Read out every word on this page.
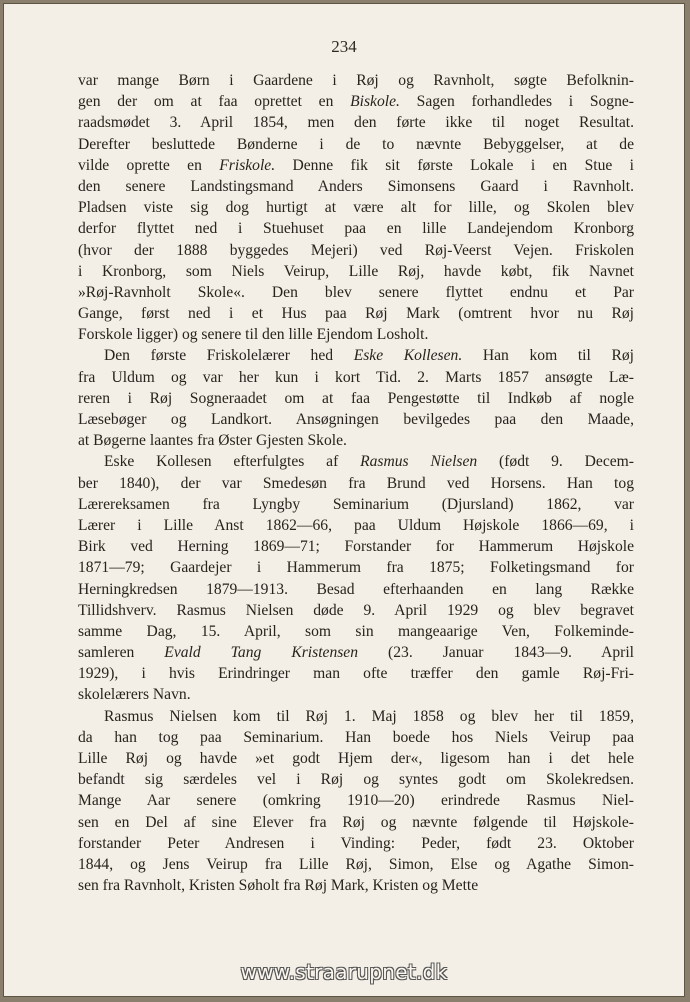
234
var mange Børn i Gaardene i Røj og Ravnholt, søgte Befolknin-
gen der om at faa oprettet en Biskole. Sagen forhandledes i Sogne-
raadsmødet 3. April 1854, men den førte ikke til noget Resultat.
Derefter besluttede Bønderne i de to nævnte Bebyggelser, at de
vilde oprette en Friskole. Denne fik sit første Lokale i en Stue i
den senere Landstingsmand Anders Simonsens Gaard i Ravnholt.
Pladsen viste sig dog hurtigt at være alt for lille, og Skolen blev
derfor flyttet ned i Stuehuset paa en lille Landejendom Kronborg
(hvor der 1888 byggedes Mejeri) ved Røj-Veerst Vejen. Friskolen
i Kronborg, som Niels Veirup, Lille Røj, havde købt, fik Navnet
»Røj-Ravnholt Skole«. Den blev senere flyttet endnu et Par
Gange, først ned i et Hus paa Røj Mark (omtrent hvor nu Røj
Forskole ligger) og senere til den lille Ejendom Losholt.
Den første Friskolelærer hed Eske Kollesen. Han kom til Røj
fra Uldum og var her kun i kort Tid. 2. Marts 1857 ansøgte Læ-
reren i Røj Sogneraadet om at faa Pengestøtte til Indkøb af nogle
Læsebøger og Landkort. Ansøgningen bevilgedes paa den Maade,
at Bøgerne laantes fra Øster Gjesten Skole.
Eske Kollesen efterfulgtes af Rasmus Nielsen (født 9. Decem-
ber 1840), der var Smedesøn fra Brund ved Horsens. Han tog
Lærereksamen fra Lyngby Seminarium (Djursland) 1862, var
Lærer i Lille Anst 1862—66, paa Uldum Højskole 1866—69, i
Birk ved Herning 1869—71; Forstander for Hammerum Højskole
1871—79; Gaardejer i Hammerum fra 1875; Folketingsmand for
Herningkredsen 1879—1913. Besad efterhaanden en lang Række
Tillidshverv. Rasmus Nielsen døde 9. April 1929 og blev begravet
samme Dag, 15. April, som sin mangeaarige Ven, Folkeminde-
samleren Evald Tang Kristensen (23. Januar 1843—9. April
1929), i hvis Erindringer man ofte træffer den gamle Røj-Fri-
skolelærers Navn.
Rasmus Nielsen kom til Røj 1. Maj 1858 og blev her til 1859,
da han tog paa Seminarium. Han boede hos Niels Veirup paa
Lille Røj og havde »et godt Hjem der«, ligesom han i det hele
befandt sig særdeles vel i Røj og syntes godt om Skolekredsen.
Mange Aar senere (omkring 1910—20) erindrede Rasmus Niel-
sen en Del af sine Elever fra Røj og nævnte følgende til Højskole-
forstander Peter Andresen i Vinding: Peder, født 23. Oktober
1844, og Jens Veirup fra Lille Røj, Simon, Else og Agathe Simon-
sen fra Ravnholt, Kristen Søholt fra Røj Mark, Kristen og Mette
www.straarupnet.dk
